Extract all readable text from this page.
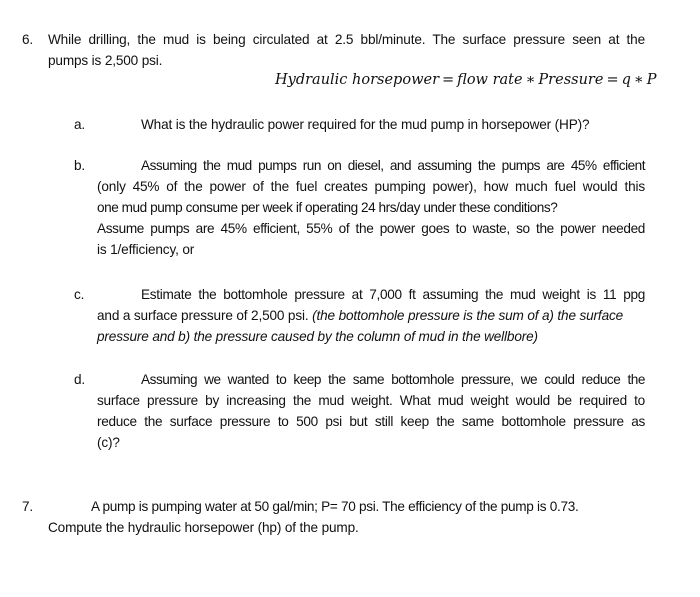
6. While drilling, the mud is being circulated at 2.5 bbl/minute. The surface pressure seen at the
pumps is 2,500 psi.
Hydraulic horsepower = flow rate ∗ Pressure = q ∗ P
a.	What is the hydraulic power required for the mud pump in horsepower (HP)?
b.	Assuming the mud pumps run on diesel, and assuming the pumps are 45% efficient
(only 45% of the power of the fuel creates pumping power), how much fuel would this
one mud pump consume per week if operating 24 hrs/day under these conditions?
Assume pumps are 45% efficient, 55% of the power goes to waste, so the power needed
is 1/efficiency, or
c.	Estimate the bottomhole pressure at 7,000 ft assuming the mud weight is 11 ppg
and a surface pressure of 2,500 psi. (the bottomhole pressure is the sum of a) the surface
pressure and b) the pressure caused by the column of mud in the wellbore)
d.	Assuming we wanted to keep the same bottomhole pressure, we could reduce the
surface pressure by increasing the mud weight. What mud weight would be required to
reduce the surface pressure to 500 psi but still keep the same bottomhole pressure as
(c)?
7.	A pump is pumping water at 50 gal/min; P= 70 psi. The efficiency of the pump is 0.73.
Compute the hydraulic horsepower (hp) of the pump.
